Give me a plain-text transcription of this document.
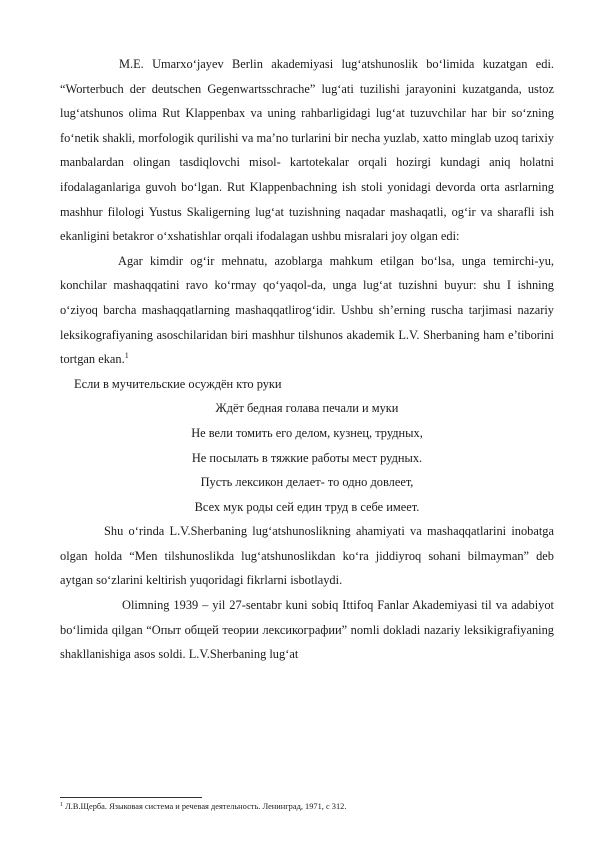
M.E. Umarxo‘jayev Berlin akademiyasi lug‘atshunoslik bo‘limida kuzatgan edi. “Worterbuch der deutschen Gegenwartsschrache” lug‘ati tuzilishi jarayonini kuzatganda, ustoz lug‘atshunos olima Rut Klappenbax va uning rahbarligidagi lug‘at tuzuvchilar har bir so‘zning fo‘netik shakli, morfologik qurilishi va ma’no turlarini bir necha yuzlab, xatto minglab uzoq tarixiy manbalardan olingan tasdiqlovchi misol- kartotekalar orqali hozirgi kundagi aniq holatni ifodalaganlariga guvoh bo‘lgan. Rut Klappenbachning ish stoli yonidagi devorda orta asrlarning mashhur filologi Yustus Skaligerning lug‘at tuzishning naqadar mashaqatli, og‘ir va sharafli ish ekanligini betakror o‘xshatishlar orqali ifodalagan ushbu misralari joy olgan edi:

Agar kimdir og‘ir mehnatu, azoblarga mahkum etilgan bo‘lsa, unga temirchi-yu, konchilar mashaqqatini ravo ko‘rmay qo‘yaqol-da, unga lug‘at tuzishni buyur: shu I ishning o‘ziyoq barcha mashaqqatlarning mashaqqatlirog‘idir. Ushbu sh’erning ruscha tarjimasi nazariy leksikografiyaning asoschilaridan biri mashhur tilshunos akademik L.V. Sherbaning ham e’tiborini tortgan ekan.$^1$

Если в мучительские осуждён кто руки

Ждёт бедная голава печали и муки

Не вели томить его делом, кузнец, трудных,

Не посылать в тяжкие работы мест рудных.

Пусть лексикон делает- то одно довлеет,

Всех мук роды сей един труд в себе имеет.

Shu o‘rinda L.V.Sherbaning lug‘atshunoslikning ahamiyati va mashaqqatlarini inobatga olgan holda “Men tilshunoslikda lug‘atshunoslikdan ko‘ra jiddiyroq sohani bilmayman” deb aytgan so‘zlarini keltirish yuqoridagi fikrlarni isbotlaydi.

Olimning 1939 – yil 27-sentabr kuni sobiq Ittifoq Fanlar Akademiyasi til va adabiyot bo‘limida qilgan “Опыт общей теории лексикографии” nomli dokladi nazariy leksikigrafiyaning shakllanishiga asos soldi. L.V.Sherbaning lug‘at

$^1$ Л.В.Щерба. Языковая система и речевая деятельность. Ленинград, 1971, с 312.
